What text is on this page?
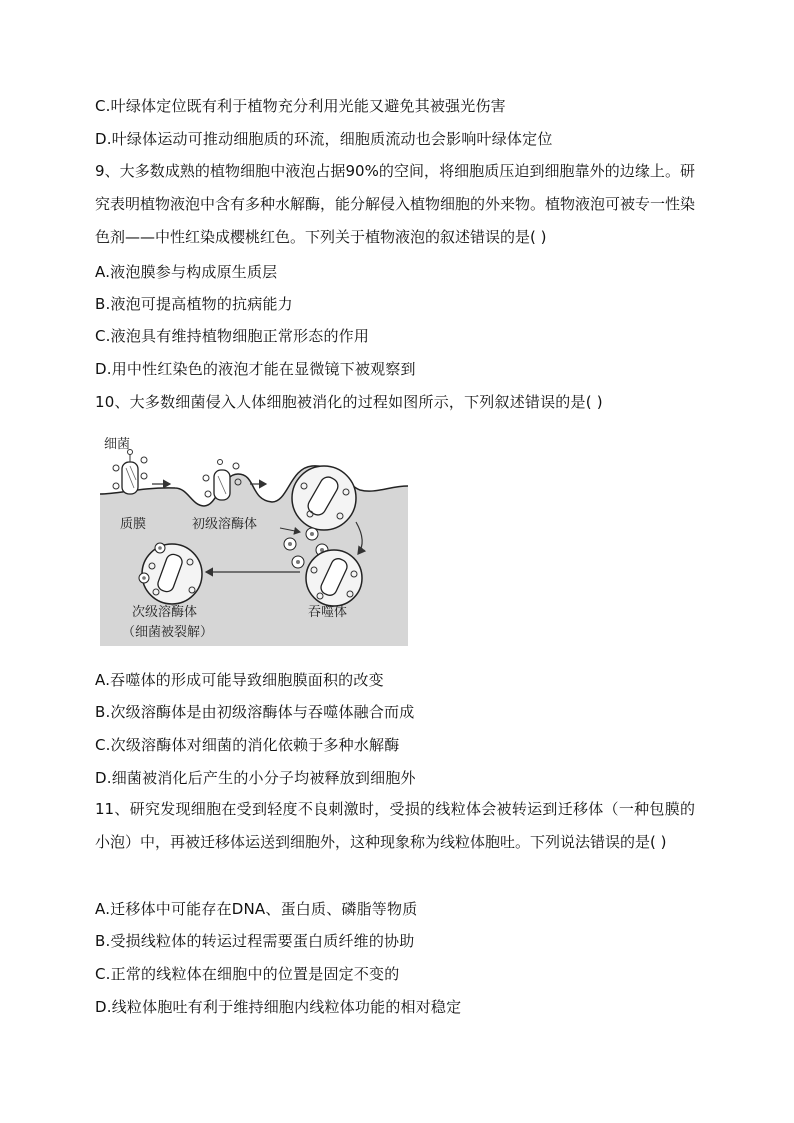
C.叶绿体定位既有利于植物充分利用光能又避免其被强光伤害
D.叶绿体运动可推动细胞质的环流，细胞质流动也会影响叶绿体定位
9、大多数成熟的植物细胞中液泡占据90%的空间，将细胞质压迫到细胞靠外的边缘上。研究表明植物液泡中含有多种水解酶，能分解侵入植物细胞的外来物。植物液泡可被专一性染色剂——中性红染成樱桃红色。下列关于植物液泡的叙述错误的是( )
A.液泡膜参与构成原生质层
B.液泡可提高植物的抗病能力
C.液泡具有维持植物细胞正常形态的作用
D.用中性红染色的液泡才能在显微镜下被观察到
10、大多数细菌侵入人体细胞被消化的过程如图所示，下列叙述错误的是( )
细菌
质膜	初级溶酶体
吞噬体
次级溶酶体
（细菌被裂解）
A.吞噬体的形成可能导致细胞膜面积的改变
B.次级溶酶体是由初级溶酶体与吞噬体融合而成
C.次级溶酶体对细菌的消化依赖于多种水解酶
D.细菌被消化后产生的小分子均被释放到细胞外
11、研究发现细胞在受到轻度不良刺激时，受损的线粒体会被转运到迁移体（一种包膜的小泡）中，再被迁移体运送到细胞外，这种现象称为线粒体胞吐。下列说法错误的是( )
A.迁移体中可能存在DNA、蛋白质、磷脂等物质
B.受损线粒体的转运过程需要蛋白质纤维的协助
C.正常的线粒体在细胞中的位置是固定不变的
D.线粒体胞吐有利于维持细胞内线粒体功能的相对稳定
